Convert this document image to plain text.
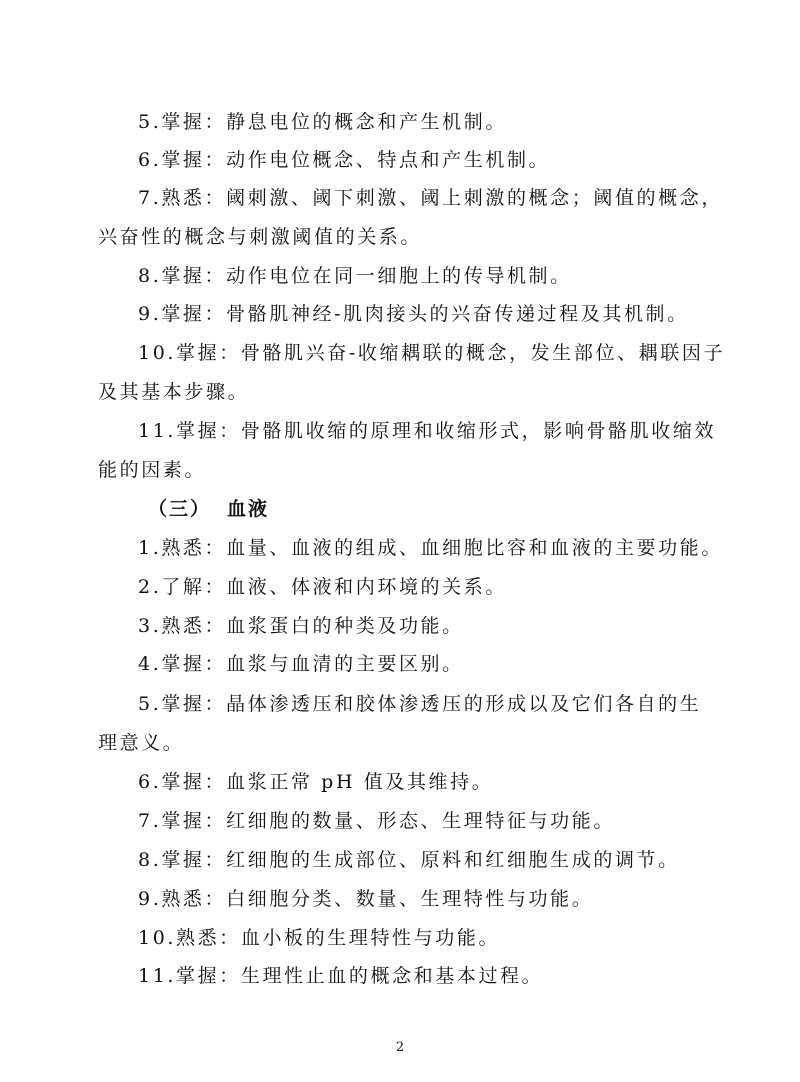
5.掌握：静息电位的概念和产生机制。
6.掌握：动作电位概念、特点和产生机制。
7.熟悉：阈刺激、阈下刺激、阈上刺激的概念；阈值的概念，
兴奋性的概念与刺激阈值的关系。
8.掌握：动作电位在同一细胞上的传导机制。
9.掌握：骨骼肌神经-肌肉接头的兴奋传递过程及其机制。
10.掌握：骨骼肌兴奋-收缩耦联的概念，发生部位、耦联因子
及其基本步骤。
11.掌握：骨骼肌收缩的原理和收缩形式，影响骨骼肌收缩效
能的因素。
（三） 血液
1.熟悉：血量、血液的组成、血细胞比容和血液的主要功能。
2.了解：血液、体液和内环境的关系。
3.熟悉：血浆蛋白的种类及功能。
4.掌握：血浆与血清的主要区别。
5.掌握：晶体渗透压和胶体渗透压的形成以及它们各自的生
理意义。
6.掌握：血浆正常 pH 值及其维持。
7.掌握：红细胞的数量、形态、生理特征与功能。
8.掌握：红细胞的生成部位、原料和红细胞生成的调节。
9.熟悉：白细胞分类、数量、生理特性与功能。
10.熟悉：血小板的生理特性与功能。
11.掌握：生理性止血的概念和基本过程。
2
